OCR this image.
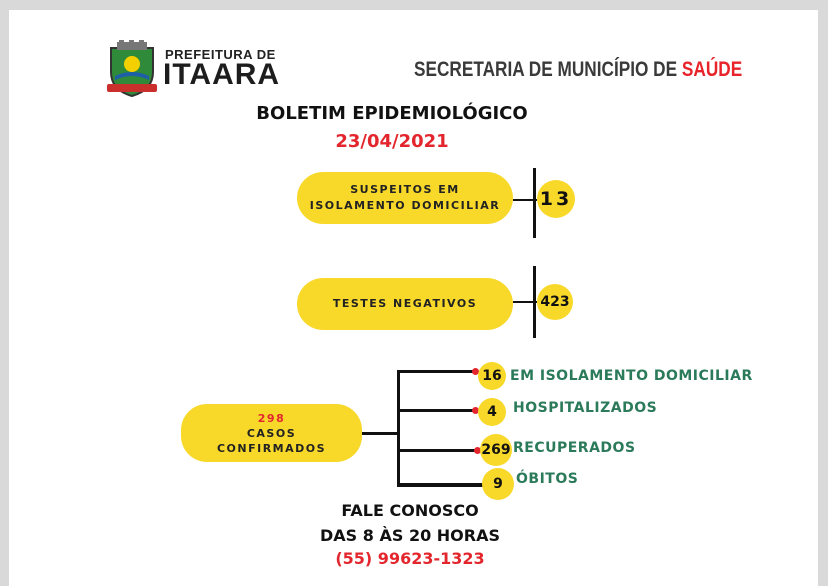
PREFEITURA DE
ITAARA	SECRETARIA DE MUNICÍPIO DE SAÚDE
BOLETIM EPIDEMIOLÓGICO
23/04/2021
SUSPEITOS EM
ISOLAMENTO DOMICILIAR 13
TESTES NEGATIVOS	423
298
CASOS
CONFIRMADOS
16 EM ISOLAMENTO DOMICILIAR
4	HOSPITALIZADOS
269 RECUPERADOS
9 ÓBITOS
FALE CONOSCO
DAS 8 ÀS 20 HORAS
(55) 99623-1323
